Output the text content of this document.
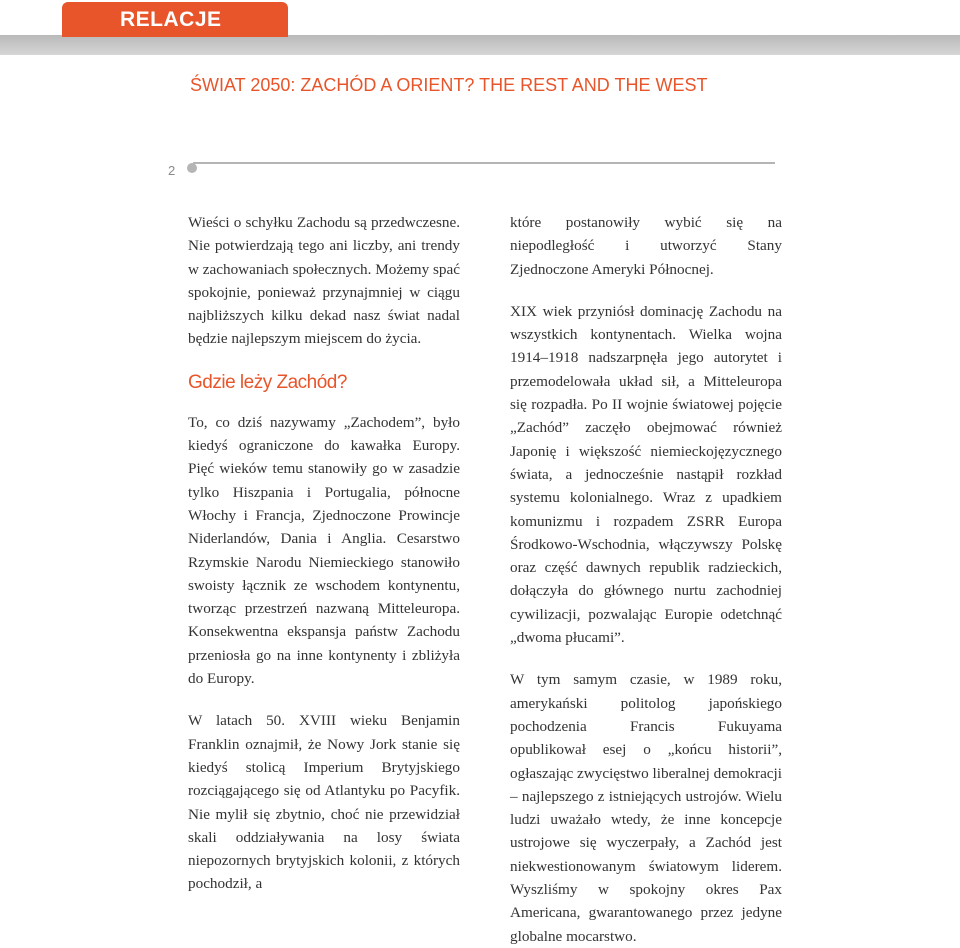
RELACJE
ŚWIAT 2050: ZACHÓD A ORIENT? THE REST AND THE WEST
2

Wieści o schyłku Zachodu są przedwczesne. Nie potwierdzają tego ani liczby, ani trendy w zachowaniach społecznych. Możemy spać spokojnie, ponieważ przynajmniej w ciągu najbliższych kilku dekad nasz świat nadal będzie najlepszym miejscem do życia.

Gdzie leży Zachód?

To, co dziś nazywamy „Zachodem”, było kiedyś ograniczone do kawałka Europy. Pięć wieków temu stanowiły go w zasadzie tylko Hiszpania i Portugalia, północne Włochy i Francja, Zjednoczone Prowincje Niderlandów, Dania i Anglia. Cesarstwo Rzymskie Narodu Niemieckiego stanowiło swoisty łącznik ze wschodem kontynentu, tworząc przestrzeń nazwaną Mitteleuropa. Konsekwentna ekspansja państw Zachodu przeniosła go na inne kontynenty i zbliżyła do Europy.

W latach 50. XVIII wieku Benjamin Franklin oznajmił, że Nowy Jork stanie się kiedyś stolicą Imperium Brytyjskiego rozciągającego się od Atlantyku po Pacyfik. Nie mylił się zbytnio, choć nie przewidział skali oddziaływania na losy świata niepozornych brytyjskich kolonii, z których pochodził, a

które postanowiły wybić się na niepodległość i utworzyć Stany Zjednoczone Ameryki Północnej.

XIX wiek przyniósł dominację Zachodu na wszystkich kontynentach. Wielka wojna 1914–1918 nadszarpnęła jego autorytet i przemodelowała układ sił, a Mitteleuropa się rozpadła. Po II wojnie światowej pojęcie „Zachód” zaczęło obejmować również Japonię i większość niemieckojęzycznego świata, a jednocześnie nastąpił rozkład systemu kolonialnego. Wraz z upadkiem komunizmu i rozpadem ZSRR Europa Środkowo-Wschodnia, włączywszy Polskę oraz część dawnych republik radzieckich, dołączyła do głównego nurtu zachodniej cywilizacji, pozwalając Europie odetchnąć „dwoma płucami”.

W tym samym czasie, w 1989 roku, amerykański politolog japońskiego pochodzenia Francis Fukuyama opublikował esej o „końcu historii”, ogłaszając zwycięstwo liberalnej demokracji – najlepszego z istniejących ustrojów. Wielu ludzi uważało wtedy, że inne koncepcje ustrojowe się wyczerpały, a Zachód jest niekwestionowanym światowym liderem. Wyszliśmy w spokojny okres Pax Americana, gwarantowanego przez jedyne globalne mocarstwo.
